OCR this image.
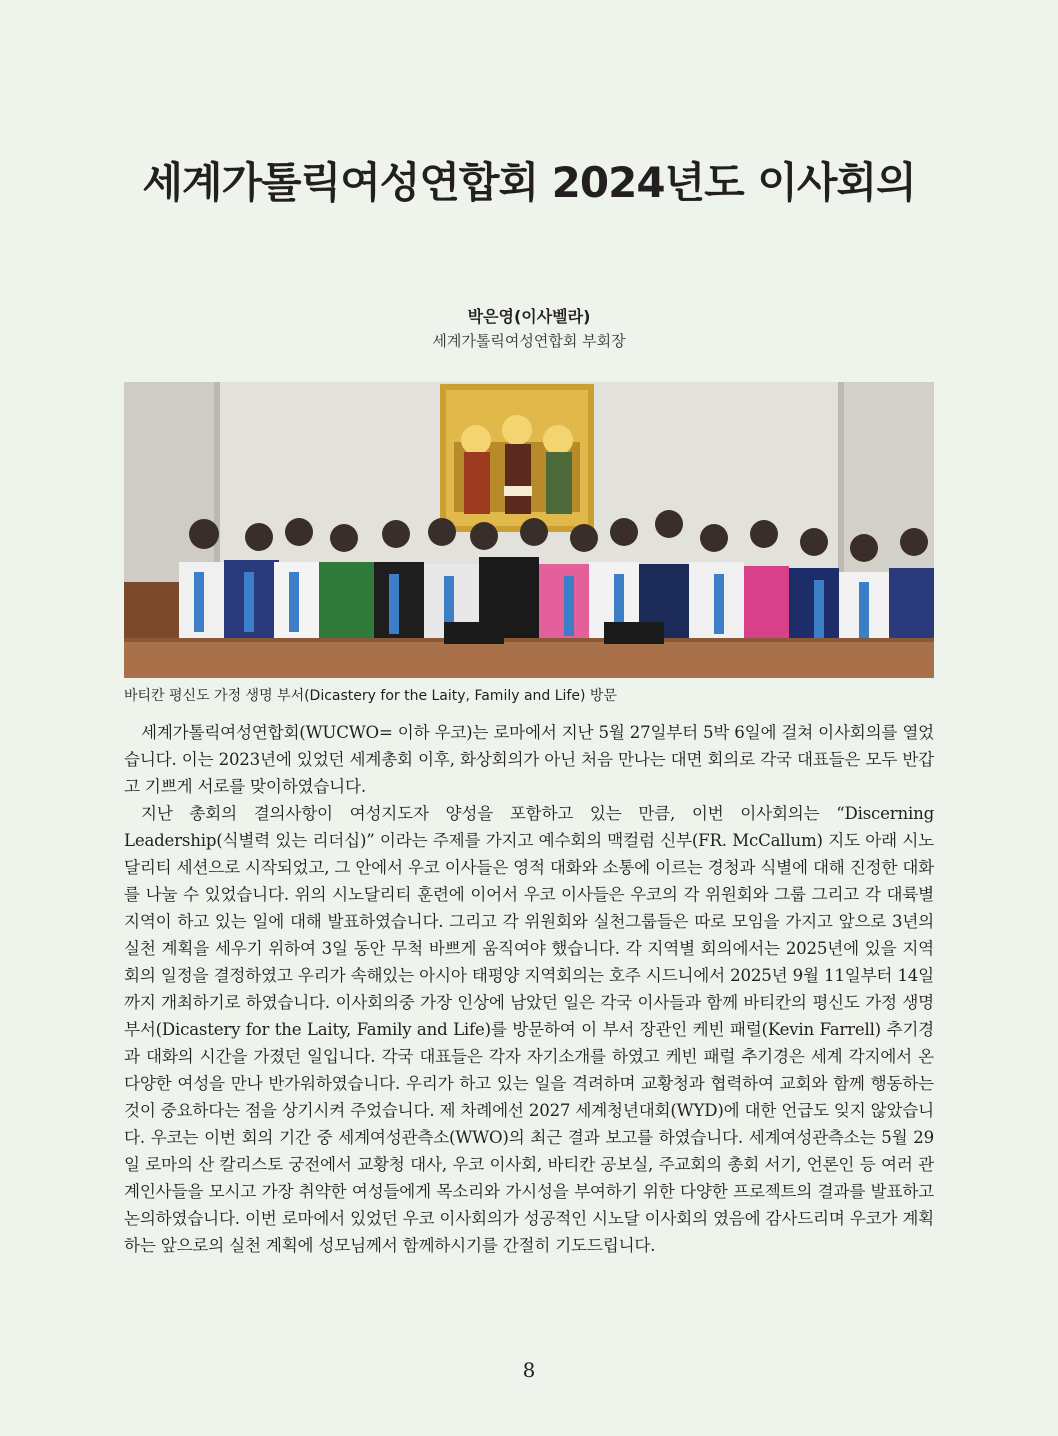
세계가톨릭여성연합회 2024년도 이사회의
박은영(이사벨라)
세계가톨릭여성연합회 부회장
바티칸 평신도 가정 생명 부서(Dicastery for the Laity, Family and Life) 방문

세계가톨릭여성연합회(WUCWO= 이하 우코)는 로마에서 지난 5월 27일부터 5박 6일에 걸쳐 이사회의를 열었습니다. 이는 2023년에 있었던 세계총회 이후, 화상회의가 아닌 처음 만나는 대면 회의로 각국 대표들은 모두 반갑고 기쁘게 서로를 맞이하였습니다.

지난 총회의 결의사항이 여성지도자 양성을 포함하고 있는 만큼, 이번 이사회의는 “Discerning Leadership(식별력 있는 리더십)” 이라는 주제를 가지고 예수회의 맥컬럼 신부(FR. McCallum) 지도 아래 시노달리티 세션으로 시작되었고, 그 안에서 우코 이사들은 영적 대화와 소통에 이르는 경청과 식별에 대해 진정한 대화를 나눌 수 있었습니다. 위의 시노달리티 훈련에 이어서 우코 이사들은 우코의 각 위원회와 그룹 그리고 각 대륙별 지역이 하고 있는 일에 대해 발표하였습니다. 그리고 각 위원회와 실천그룹들은 따로 모임을 가지고 앞으로 3년의 실천 계획을 세우기 위하여 3일 동안 무척 바쁘게 움직여야 했습니다. 각 지역별 회의에서는 2025년에 있을 지역회의 일정을 결정하였고 우리가 속해있는 아시아 태평양 지역회의는 호주 시드니에서 2025년 9월 11일부터 14일까지 개최하기로 하였습니다. 이사회의중 가장 인상에 남았던 일은 각국 이사들과 함께 바티칸의 평신도 가정 생명 부서(Dicastery for the Laity, Family and Life)를 방문하여 이 부서 장관인 케빈 패럴(Kevin Farrell) 추기경과 대화의 시간을 가졌던 일입니다. 각국 대표들은 각자 자기소개를 하였고 케빈 패럴 추기경은 세계 각지에서 온 다양한 여성을 만나 반가워하였습니다. 우리가 하고 있는 일을 격려하며 교황청과 협력하여 교회와 함께 행동하는 것이 중요하다는 점을 상기시켜 주었습니다. 제 차례에선 2027 세계청년대회(WYD)에 대한 언급도 잊지 않았습니다. 우코는 이번 회의 기간 중 세계여성관측소(WWO)의 최근 결과 보고를 하였습니다. 세계여성관측소는 5월 29일 로마의 산 칼리스토 궁전에서 교황청 대사, 우코 이사회, 바티칸 공보실, 주교회의 총회 서기, 언론인 등 여러 관계인사들을 모시고 가장 취약한 여성들에게 목소리와 가시성을 부여하기 위한 다양한 프로젝트의 결과를 발표하고 논의하였습니다. 이번 로마에서 있었던 우코 이사회의가 성공적인 시노달 이사회의 였음에 감사드리며 우코가 계획하는 앞으로의 실천 계획에 성모님께서 함께하시기를 간절히 기도드립니다.

8
